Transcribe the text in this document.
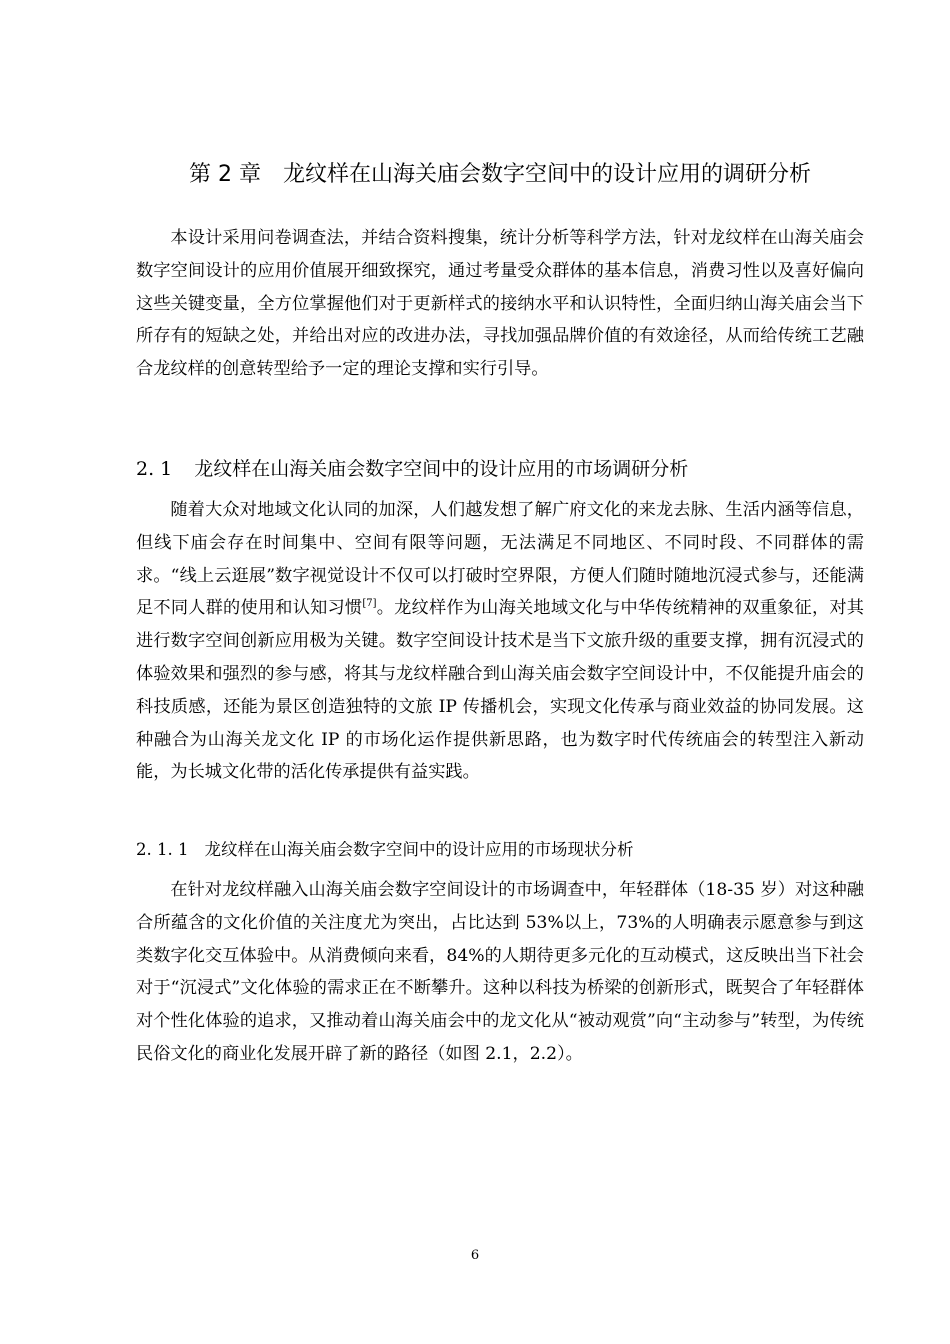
第 2 章 龙纹样在山海关庙会数字空间中的设计应用的调研分析

本设计采用问卷调查法，并结合资料搜集，统计分析等科学方法，针对龙纹样在山海关庙会数字空间设计的应用价值展开细致探究，通过考量受众群体的基本信息，消费习性以及喜好偏向这些关键变量，全方位掌握他们对于更新样式的接纳水平和认识特性，全面归纳山海关庙会当下所存有的短缺之处，并给出对应的改进办法，寻找加强品牌价值的有效途径，从而给传统工艺融合龙纹样的创意转型给予一定的理论支撑和实行引导。

2. 1 龙纹样在山海关庙会数字空间中的设计应用的市场调研分析

随着大众对地域文化认同的加深，人们越发想了解广府文化的来龙去脉、生活内涵等信息，但线下庙会存在时间集中、空间有限等问题，无法满足不同地区、不同时段、不同群体的需求。“线上云逛展”数字视觉设计不仅可以打破时空界限，方便人们随时随地沉浸式参与，还能满足不同人群的使用和认知习惯[7]。龙纹样作为山海关地域文化与中华传统精神的双重象征，对其进行数字空间创新应用极为关键。数字空间设计技术是当下文旅升级的重要支撑，拥有沉浸式的体验效果和强烈的参与感，将其与龙纹样融合到山海关庙会数字空间设计中，不仅能提升庙会的科技质感，还能为景区创造独特的文旅 IP 传播机会，实现文化传承与商业效益的协同发展。这种融合为山海关龙文化 IP 的市场化运作提供新思路，也为数字时代传统庙会的转型注入新动能，为长城文化带的活化传承提供有益实践。

2. 1. 1 龙纹样在山海关庙会数字空间中的设计应用的市场现状分析

在针对龙纹样融入山海关庙会数字空间设计的市场调查中，年轻群体（18-35 岁）对这种融合所蕴含的文化价值的关注度尤为突出，占比达到 53%以上，73%的人明确表示愿意参与到这类数字化交互体验中。从消费倾向来看，84%的人期待更多元化的互动模式，这反映出当下社会对于“沉浸式”文化体验的需求正在不断攀升。这种以科技为桥梁的创新形式，既契合了年轻群体对个性化体验的追求，又推动着山海关庙会中的龙文化从“被动观赏”向“主动参与”转型，为传统民俗文化的商业化发展开辟了新的路径（如图 2.1，2.2）。

6
